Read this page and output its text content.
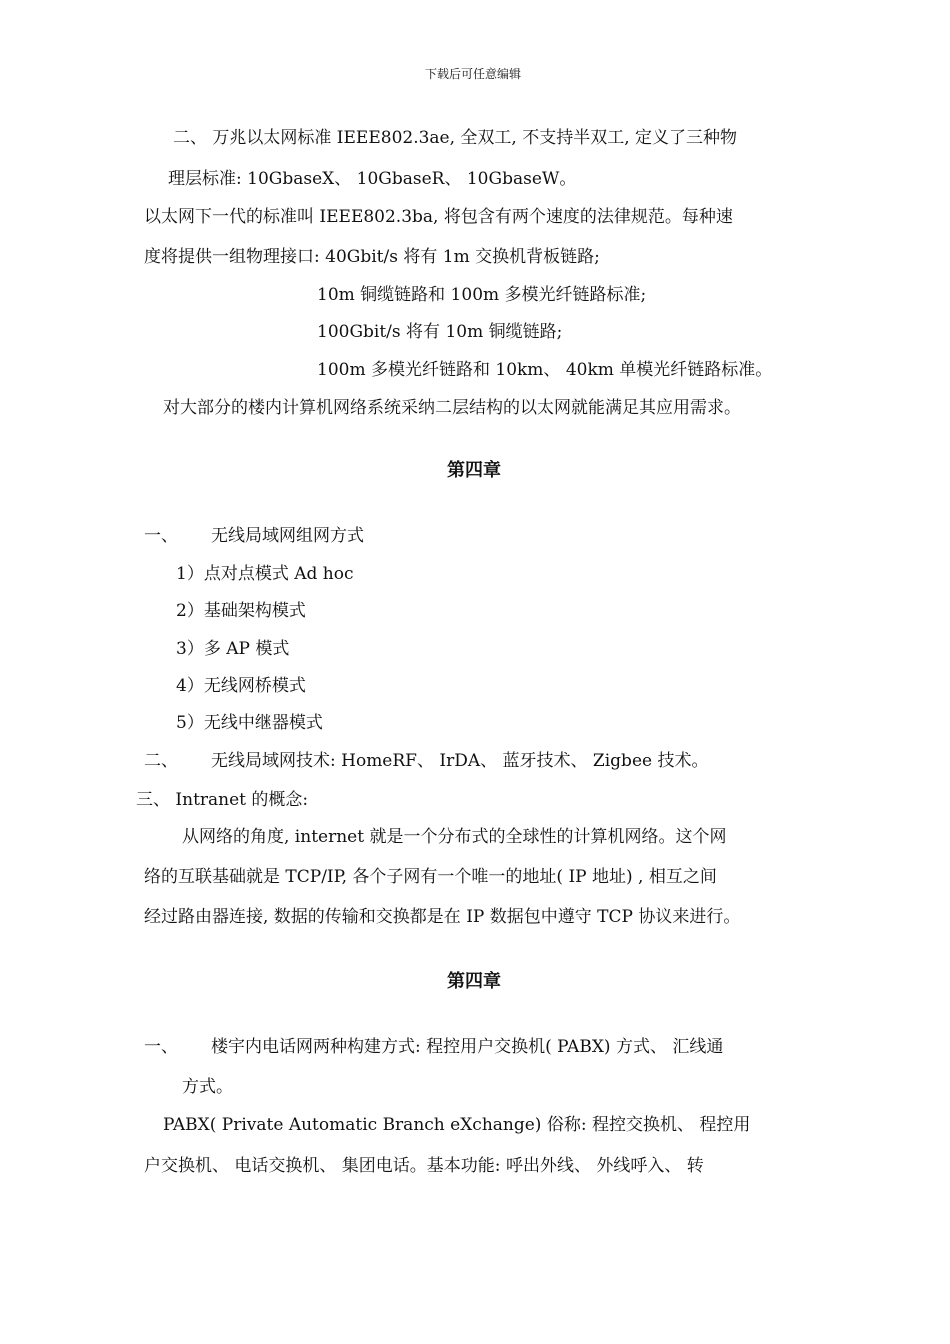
下载后可任意编辑
二、 万兆以太网标准 IEEE802.3ae, 全双工, 不支持半双工, 定义了三种物
理层标准: 10GbaseX、 10GbaseR、 10GbaseW。
以太网下一代的标准叫 IEEE802.3ba, 将包含有两个速度的法律规范。每种速
度将提供一组物理接口: 40Gbit/s 将有 1m 交换机背板链路;
10m 铜缆链路和 100m 多模光纤链路标准;
100Gbit/s 将有 10m 铜缆链路;
100m 多模光纤链路和 10km、 40km 单模光纤链路标准。
对大部分的楼内计算机网络系统采纳二层结构的以太网就能满足其应用需求。
第四章
一、 无线局域网组网方式
1）点对点模式 Ad hoc
2）基础架构模式
3）多 AP 模式
4）无线网桥模式
5）无线中继器模式
二、 无线局域网技术: HomeRF、 IrDA、 蓝牙技术、 Zigbee 技术。
三、 Intranet 的概念:
从网络的角度, internet 就是一个分布式的全球性的计算机网络。这个网
络的互联基础就是 TCP/IP, 各个子网有一个唯一的地址( IP 地址) , 相互之间
经过路由器连接, 数据的传输和交换都是在 IP 数据包中遵守 TCP 协议来进行。
第四章
一、 楼宇内电话网两种构建方式: 程控用户交换机( PABX) 方式、 汇线通
方式。
PABX( Private Automatic Branch eXchange) 俗称: 程控交换机、 程控用
户交换机、 电话交换机、 集团电话。基本功能: 呼出外线、 外线呼入、 转
